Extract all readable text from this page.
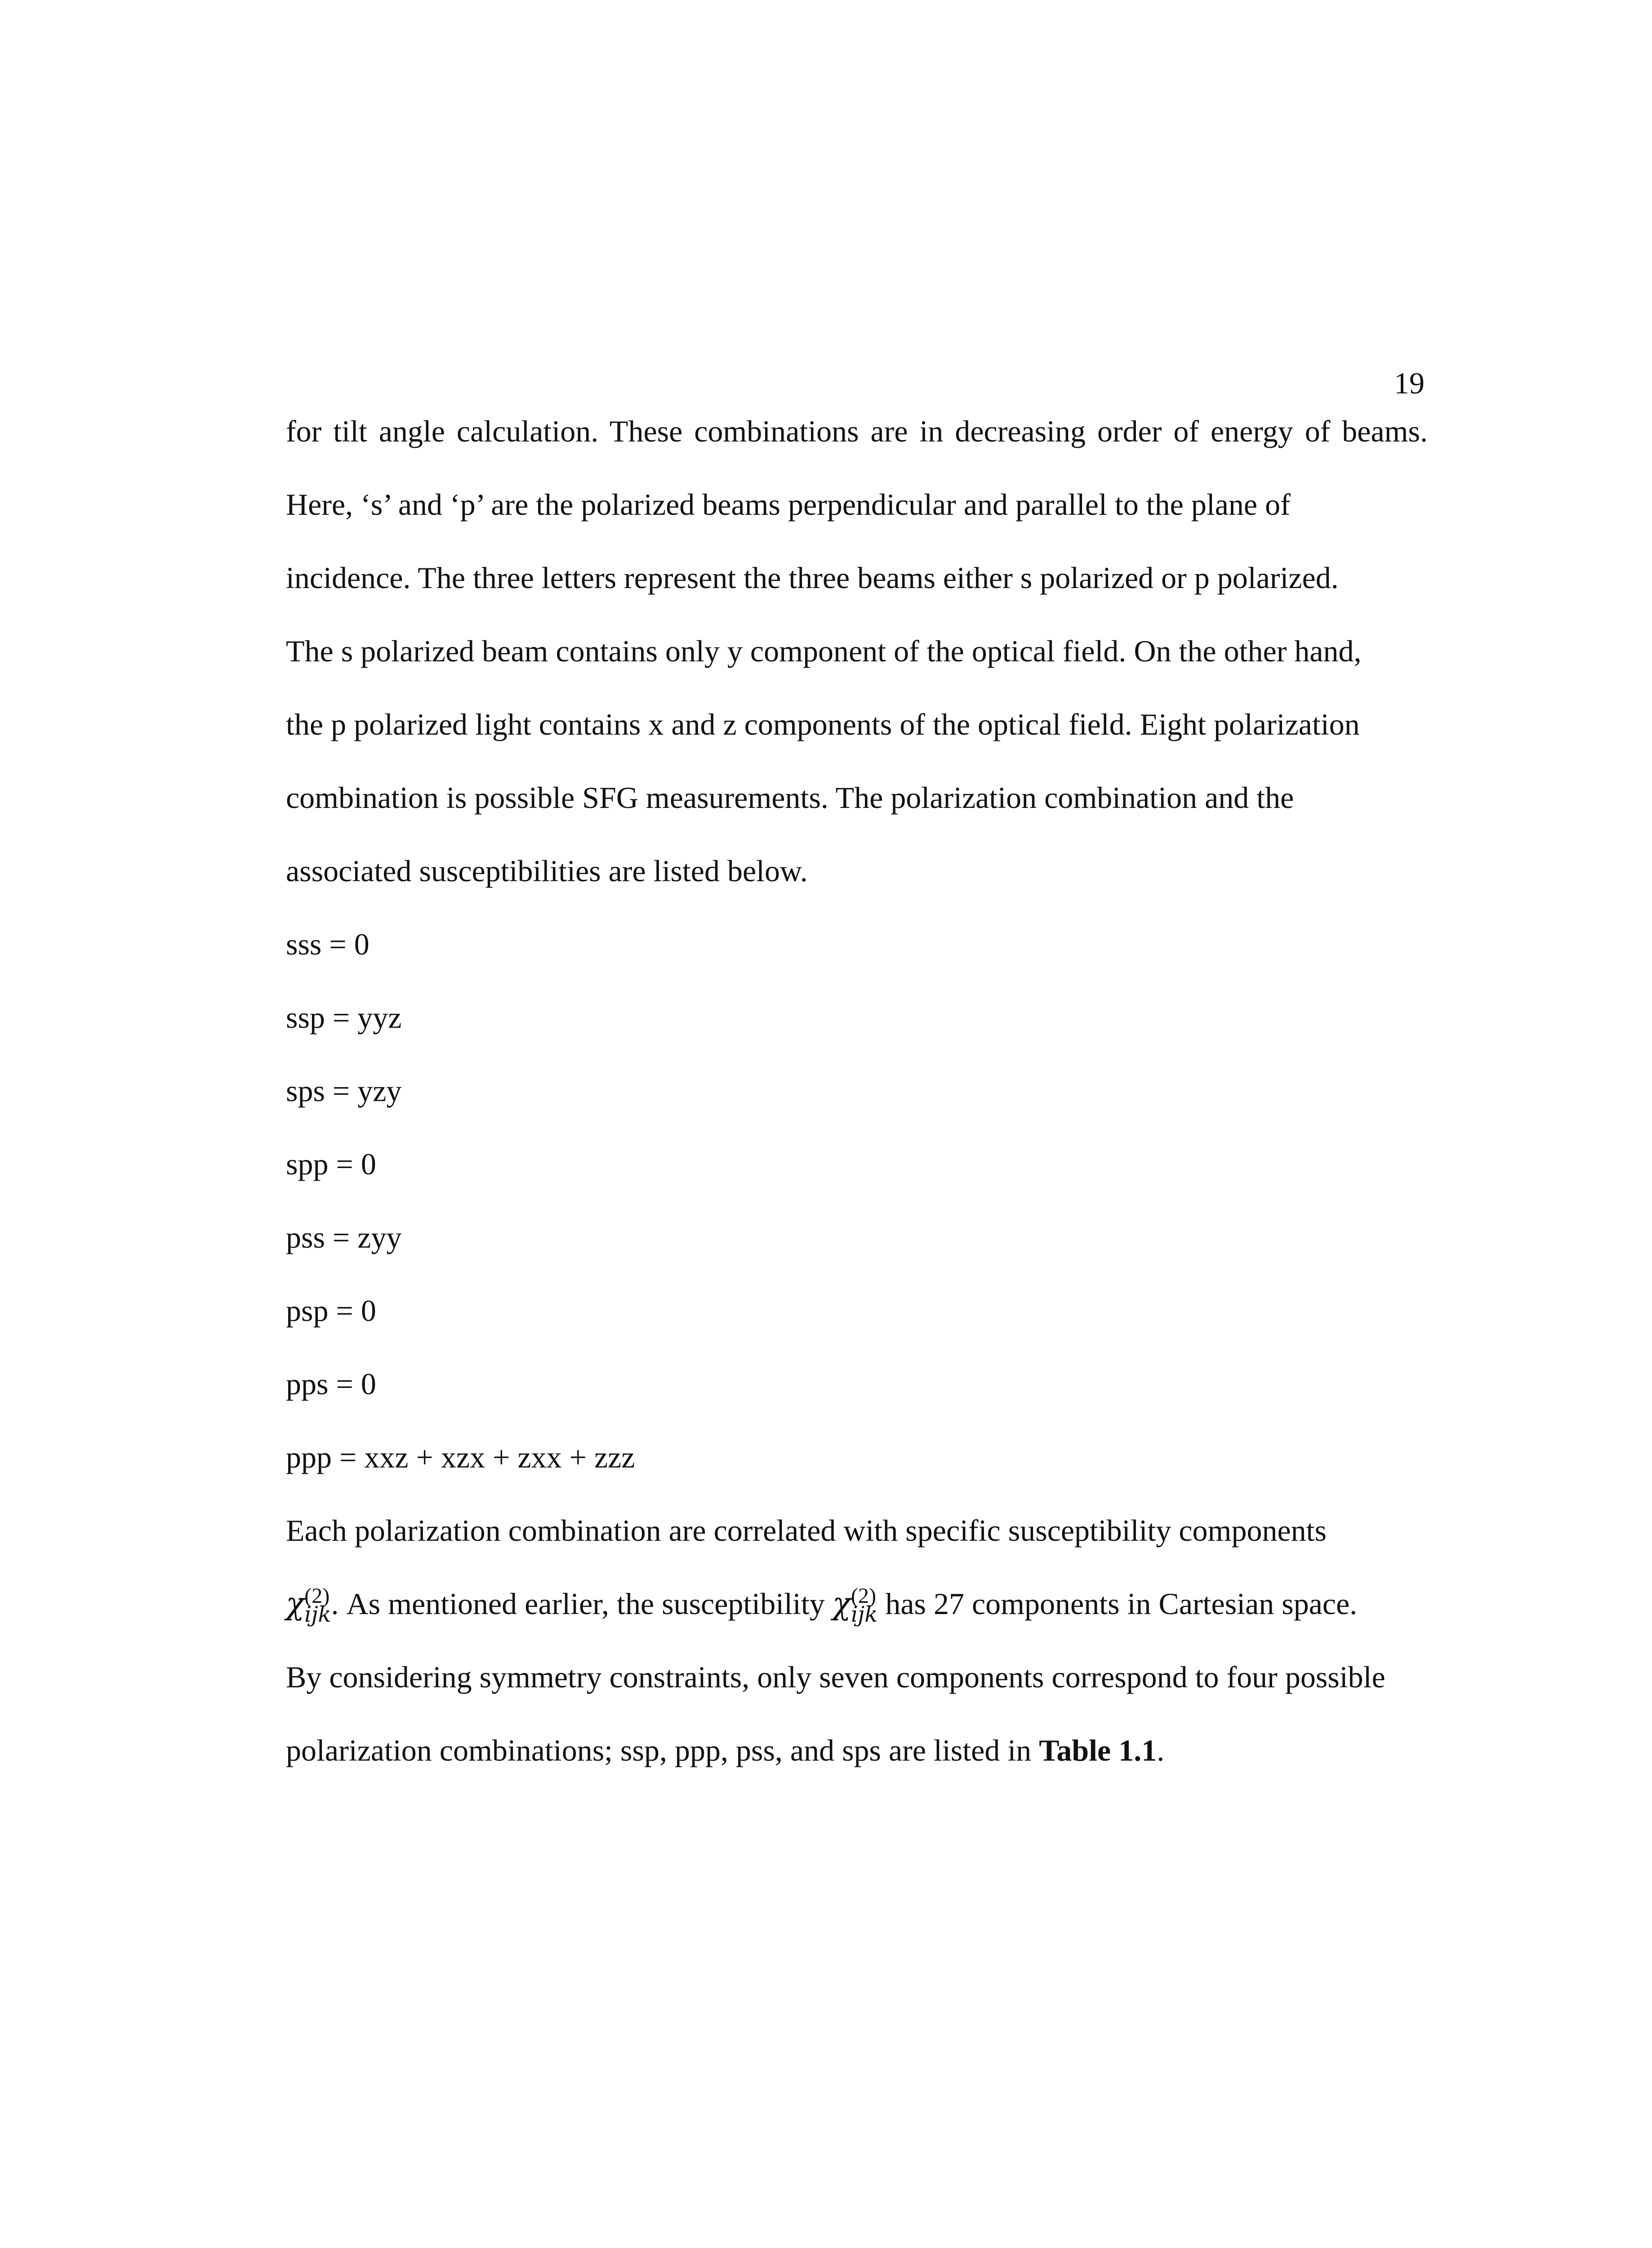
19
for tilt angle calculation. These combinations are in decreasing order of energy of beams.
Here, ‘s’ and ‘p’ are the polarized beams perpendicular and parallel to the plane of
incidence. The three letters represent the three beams either s polarized or p polarized.
The s polarized beam contains only y component of the optical field. On the other hand,
the p polarized light contains x and z components of the optical field. Eight polarization
combination is possible SFG measurements. The polarization combination and the
associated susceptibilities are listed below.
sss = 0
ssp = yyz
sps = yzy
spp = 0
pss = zyy
psp = 0
pps = 0
ppp = xxz + xzx + zxx + zzz
Each polarization combination are correlated with specific susceptibility components
χ (2)
ijk. As mentioned earlier, the susceptibility χ (2)
ijk has 27 components in Cartesian space.
By considering symmetry constraints, only seven components correspond to four possible
polarization combinations; ssp, ppp, pss, and sps are listed in Table 1.1.
